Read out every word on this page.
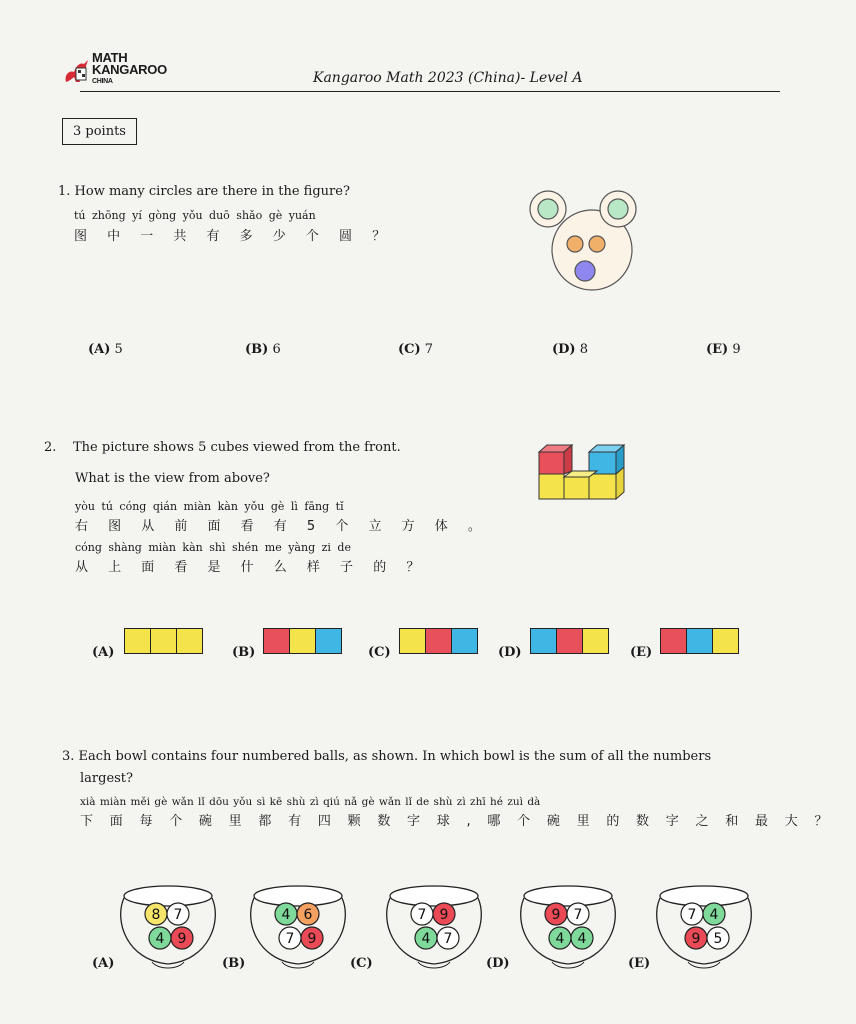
MATH
KANGAROO
CHINA	Kangaroo Math 2023 (China)- Level A
3 points
1. How many circles are there in the figure?
tú zhōng yí gòng yǒu duō shǎo gè yuán
图 中 一 共 有 多 少 个 圆 ？
(A) 5	(B) 6	(C) 7	(D) 8	(E) 9
2. The picture shows 5 cubes viewed from the front.
What is the view from above?
yòu tú cóng qián miàn kàn yǒu gè lì fāng tǐ
右 图 从 前 面 看 有 5 个 立 方 体 。
cóng shàng miàn kàn shì shén me yàng zi de
从 上 面 看 是 什 么 样 子 的 ？
(A)	(B)	(C)	(D)	(E)
3. Each bowl contains four numbered balls, as shown. In which bowl is the sum of all the numbers
largest?
xià miàn měi gè wǎn lǐ dōu yǒu sì kē shù zì qiú nǎ gè wǎn lǐ de shù zì zhī hé zuì dà
下 面 每 个 碗 里 都 有 四 颗 数 字 球 , 哪 个 碗 里 的 数 字 之 和 最 大 ？
(A)
8 7
4 9
(B)
4 6
7 9
(C)
7 9
4 7
(D)
9 7
4 4
(E)
7 4
9 5
